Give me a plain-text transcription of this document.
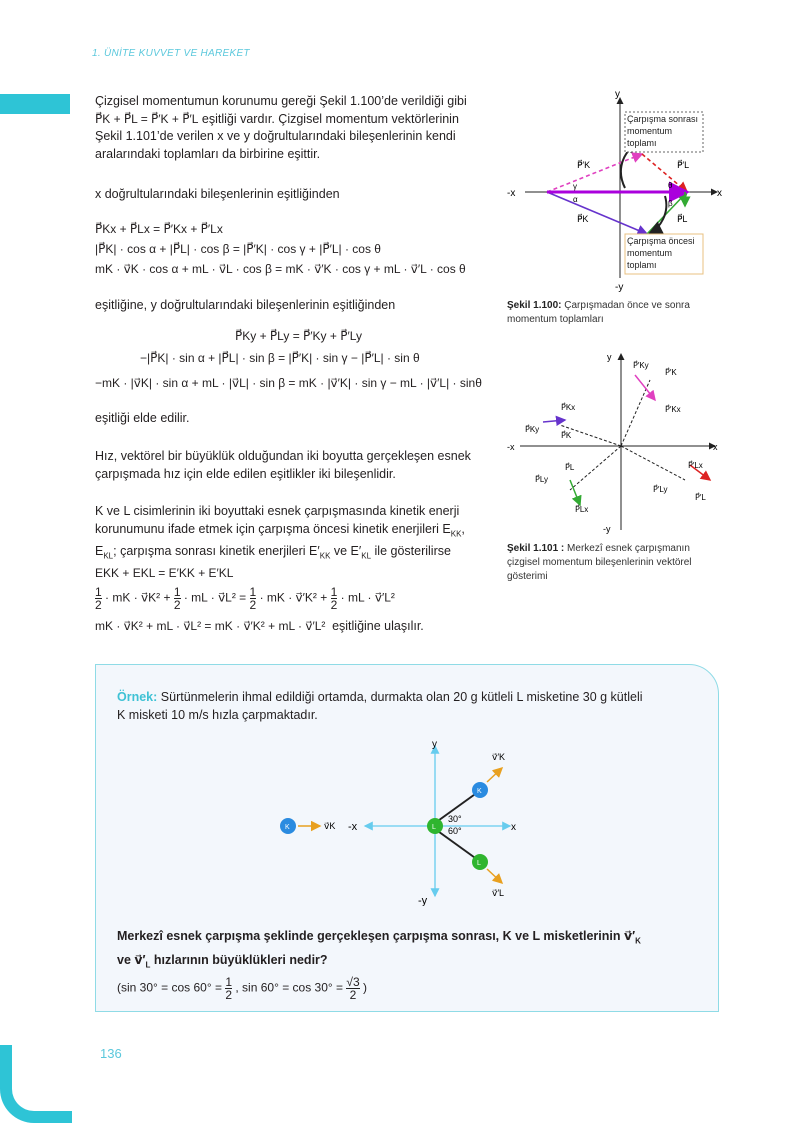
1. ÜNİTE KUVVET VE HAREKET
136
Çizgisel momentumun korunumu gereği Şekil 1.100’de verildiği gibi
P⃗K + P⃗L = P⃗′K + P⃗′L eşitliği vardır. Çizgisel momentum vektörlerinin
Şekil 1.101’de verilen x ve y doğrultularındaki bileşenlerinin kendi
aralarındaki toplamları da birbirine eşittir.
x doğrultularındaki bileşenlerinin eşitliğinden
P⃗Kx + P⃗Lx = P⃗′Kx + P⃗′Lx
|P⃗K| · cos α + |P⃗L| · cos β = |P⃗′K| · cos γ + |P⃗′L| · cos θ
mK · v⃗K · cos α + mL · v⃗L · cos β = mK · v⃗′K · cos γ + mL · v⃗′L · cos θ
eşitliğine, y doğrultularındaki bileşenlerinin eşitliğinden
P⃗Ky + P⃗Ly = P⃗′Ky + P⃗′Ly
−|P⃗K| · sin α + |P⃗L| · sin β = |P⃗′K| · sin γ − |P⃗′L| · sin θ
−mK · |v⃗K| · sin α + mL · |v⃗L| · sin β = mK · |v⃗′K| · sin γ − mL · |v⃗′L| · sinθ
eşitliği elde edilir.
Hız, vektörel bir büyüklük olduğundan iki boyutta gerçekleşen esnek
çarpışmada hız için elde edilen eşitlikler iki bileşenlidir.
K ve L cisimlerinin iki boyuttaki esnek çarpışmasında kinetik enerji
korunumunu ifade etmek için çarpışma öncesi kinetik enerjileri $E_{KK}$,
$E_{KL}$; çarpışma sonrası kinetik enerjileri $E'_{KK}$ ve $E'_{KL}$ ile gösterilirse
EKK + EKL = E′KK + E′KL
$\frac{1}{2}$ · mK · v⃗K² + $\frac{1}{2}$ · mL · v⃗L² = $\frac{1}{2}$ · mK · v⃗′K² + $\frac{1}{2}$ · mL · v⃗′L²
mK · v⃗K² + mL · v⃗L² = mK · v⃗′K² + mL · v⃗′L² eşitliğine ulaşılır.
x
-x
y
-y
P⃗′K	P⃗′L
P⃗K	P⃗L
γ
α
θ
β
Çarpışma sonrası momentum toplamı
Çarpışma öncesi momentum toplamı
Şekil 1.100: Çarpışmadan önce ve sonra momentum toplamları
x
-x
y
-y
P⃗′Ky
P⃗′K
P⃗′Kx
P⃗Kx
P⃗Ky
P⃗K
P⃗L
P⃗Ly
P⃗Lx
P⃗′Lx
P⃗′Ly
P⃗′L
Şekil 1.101 : Merkezî esnek çarpışmanın çizgisel momentum bileşenlerinin vektörel gösterimi
Örnek: Sürtünmelerin ihmal edildiği ortamda, durmakta olan 20 g kütleli L misketine 30 g kütleli
K misketi 10 m/s hızla çarpmaktadır.
x
-x
y
-y
K	v⃗K	L
K
v⃗′K
L
v⃗′L
30°
60°
Merkezî esnek çarpışma şeklinde gerçekleşen çarpışma sonrası, K ve L misketlerinin $v⃗'_K$
ve $v⃗'_L$ hızlarının büyüklükleri nedir?
(sin $30^\circ = \cos 60^\circ = \frac{1}{2}$ , $\sin 60^\circ = \cos 30^\circ = \frac{√3}{2}$ )
